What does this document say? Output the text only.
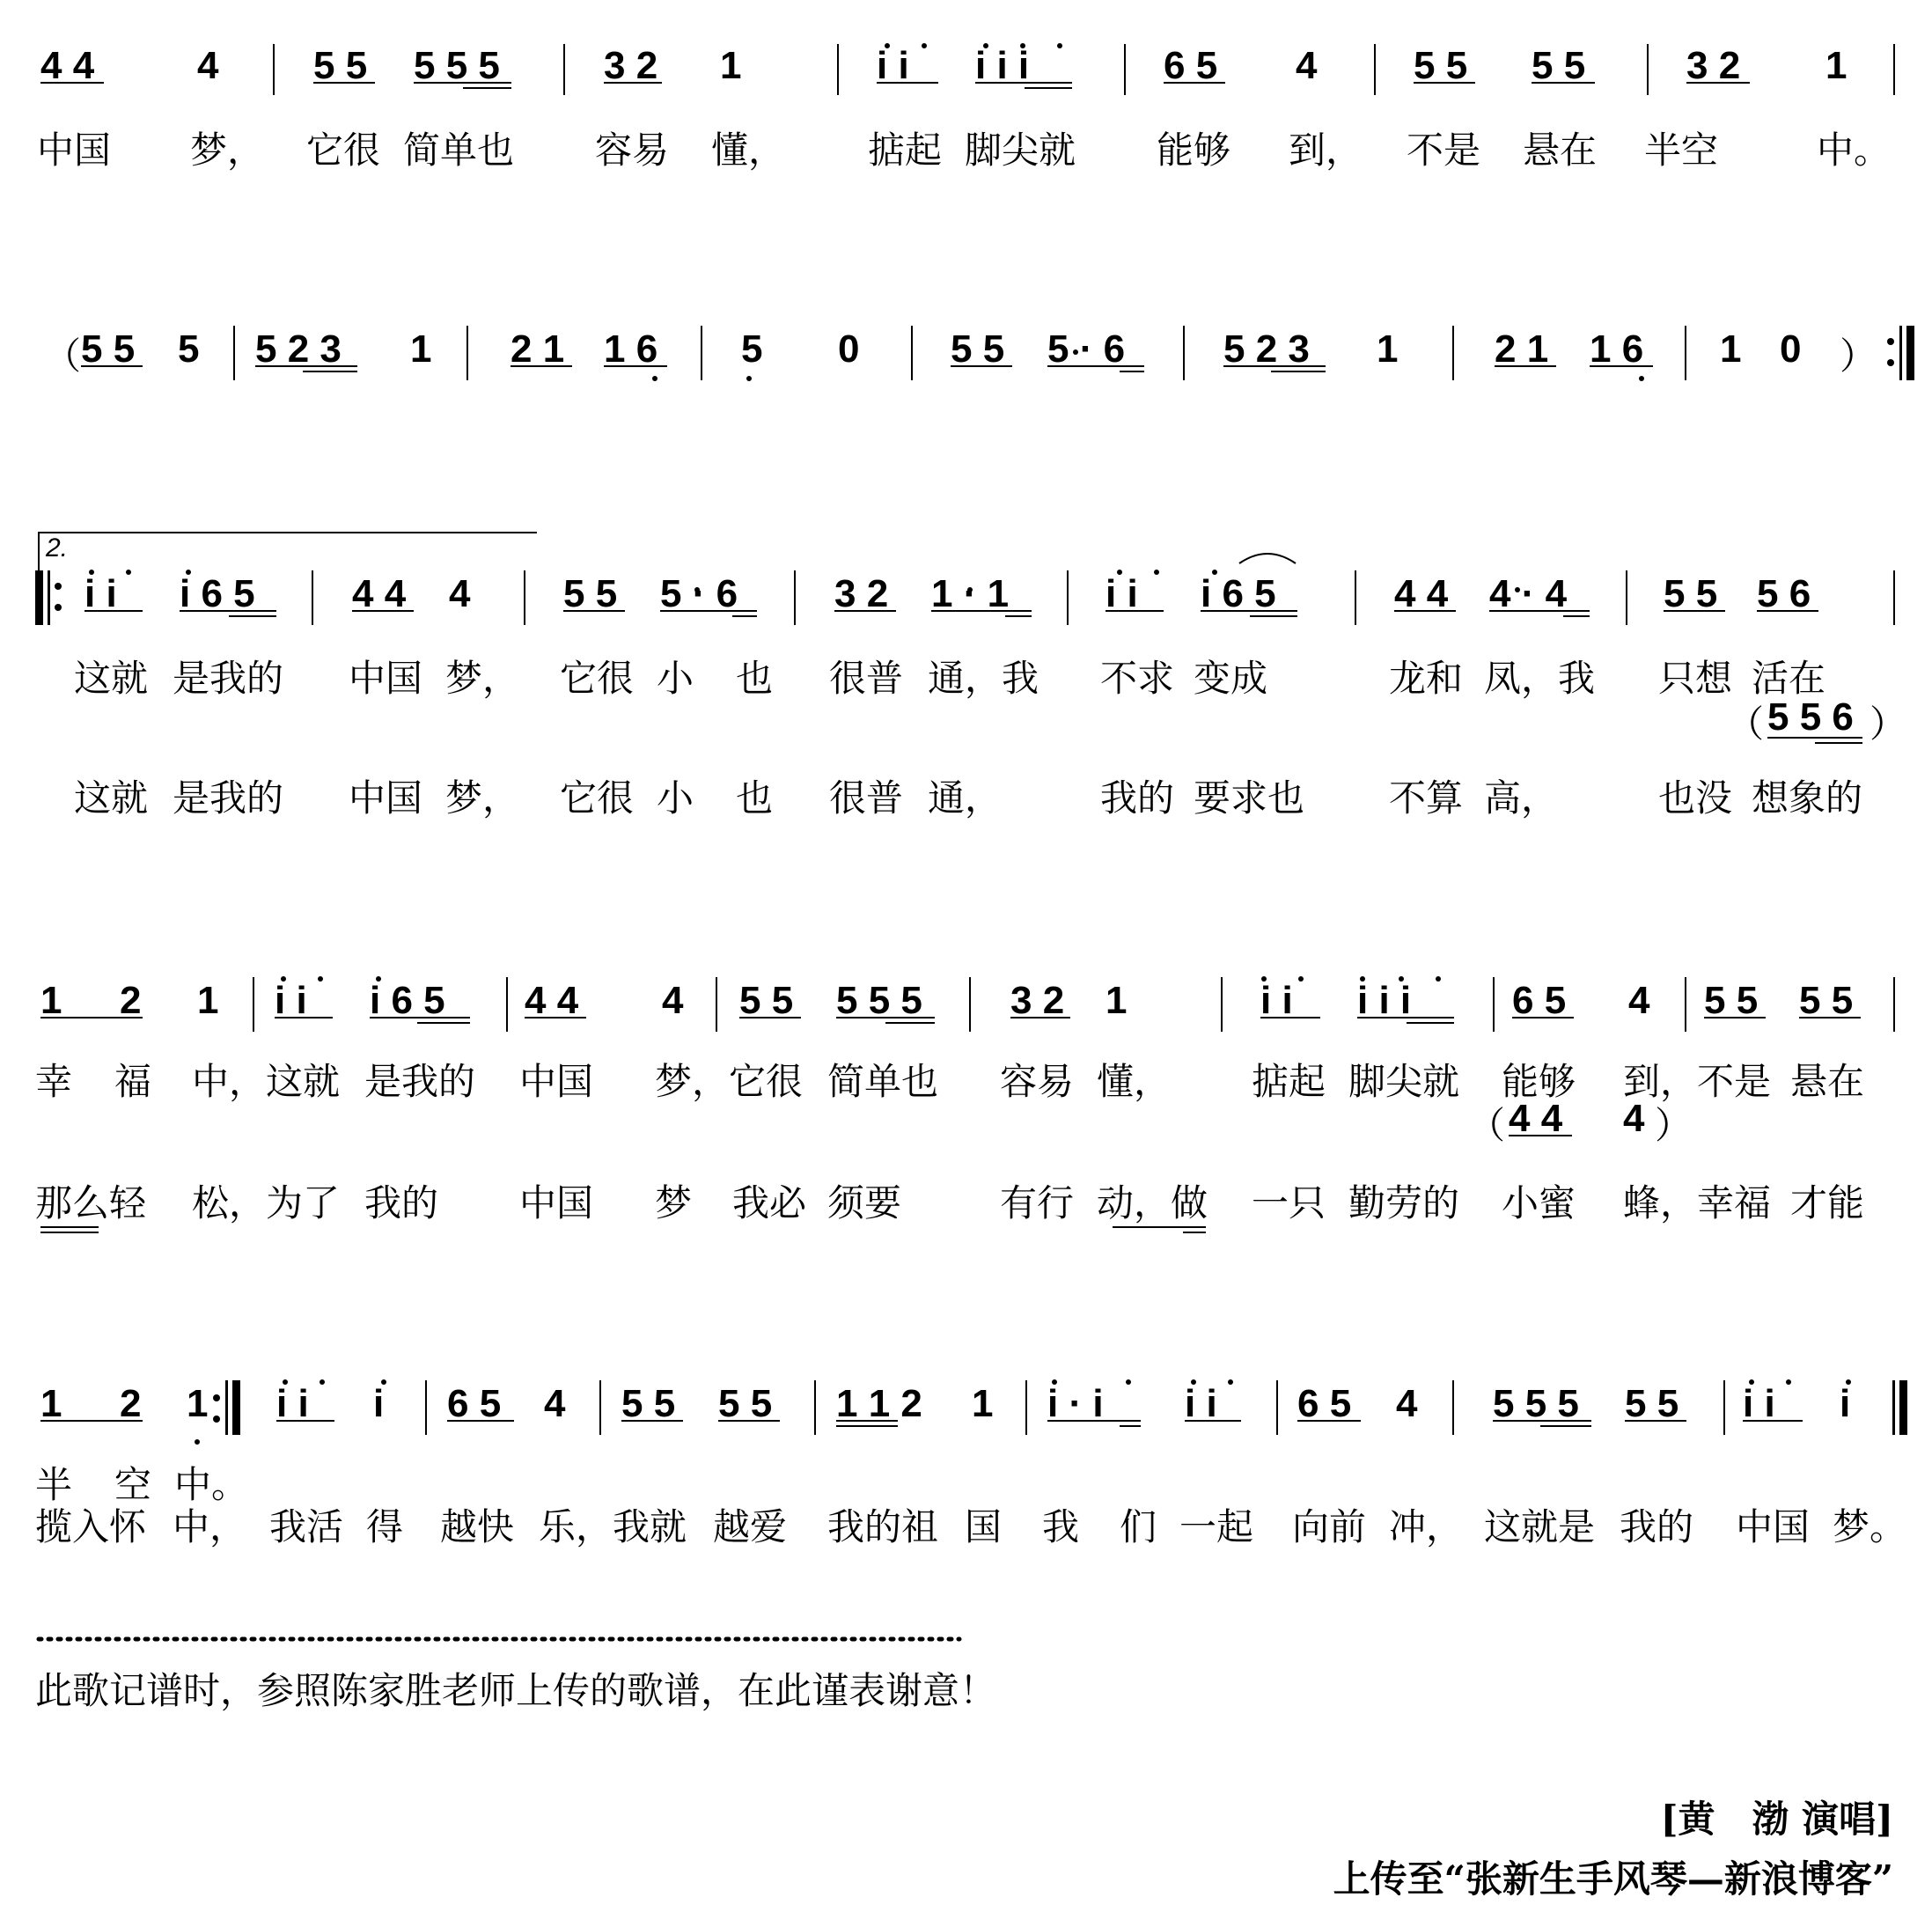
4 4	4 5 5 5 5 5	3 2 1	i i i i i	6 5 4 5 5 5 5	3 2 1
中国 梦， 它很 简单也 容易 懂， 掂起 脚尖就 能够 到， 不是 悬在 半空	中。
（ 5 5 5 5 2 3 1 2 1 1 6 5 0 5 5 5 · 6	5 2 3 1 2 1 1 6 1 0 ）
2.
i i i 6 5	4 4 4 5 5 5 · 6 3 2 1 · 1 i i i 6 5	4 4 4 · 4 5 5 5 6
这就 是我的 中国 梦， 它很 小 也 很普 通，我 不求 变成	龙和 凤，我 只想 活在
（ 5 5 6 ）
这就 是我的 中国 梦， 它很 小 也 很普 通，	我的 要求也 不算 高，	也没 想象的
1 2 1 i i i 6 5 4 4 4 5 5 5 5 5 3 2 1	i i i i i	6 5 4 5 5 5 5
幸 福 中，这就 是我的 中国 梦，它很 简单也 容易 懂， 掂起 脚尖就 能够 到，不是 悬在
（ 4 4 4 ）
那么轻 松，为了 我的 中国 梦 我必 须要	有行 动，做 一只 勤劳的 小蜜 蜂，幸福 才能
1 2 1 i i i 6 5 4 5 5 5 5 1 1 2 1 i · i i i 6 5 4 5 5 5 5 5 i i i
半 空 中。
揽入怀 中， 我活 得 越快 乐，我就 越爱 我的祖 国 我 们 一起 向前 冲， 这就是 我的 中国 梦。
此歌记谱时，参照陈家胜老师上传的歌谱，在此谨表谢意！
[黄　渤 演唱]
上传至“张新生手风琴—新浪博客”
